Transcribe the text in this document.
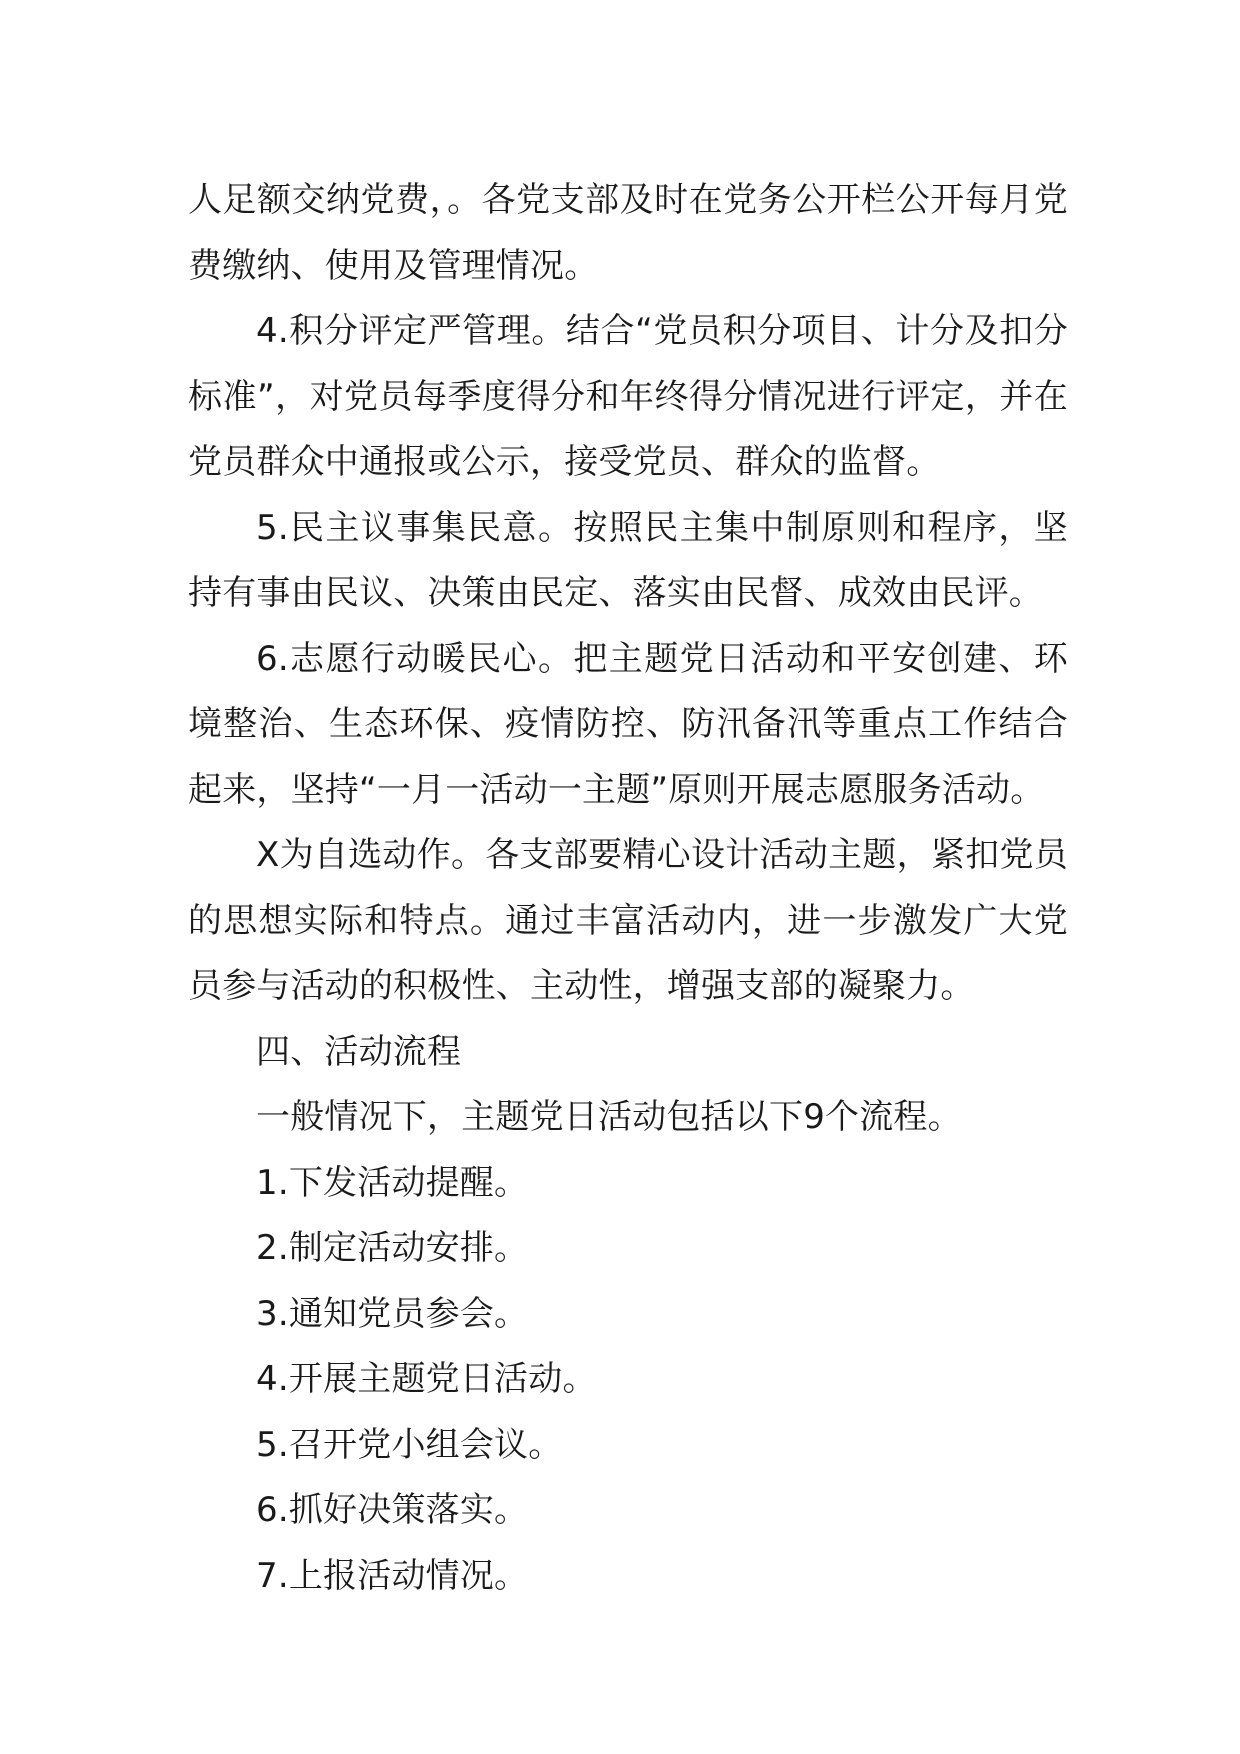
人足额交纳党费，。各党支部及时在党务公开栏公开每月党费缴纳、使用及管理情况。

4.积分评定严管理。结合“党员积分项目、计分及扣分标准”，对党员每季度得分和年终得分情况进行评定，并在党员群众中通报或公示，接受党员、群众的监督。

5.民主议事集民意。按照民主集中制原则和程序，坚持有事由民议、决策由民定、落实由民督、成效由民评。

6.志愿行动暖民心。把主题党日活动和平安创建、环境整治、生态环保、疫情防控、防汛备汛等重点工作结合起来，坚持“一月一活动一主题”原则开展志愿服务活动。

X为自选动作。各支部要精心设计活动主题，紧扣党员的思想实际和特点。通过丰富活动内，进一步激发广大党员参与活动的积极性、主动性，增强支部的凝聚力。

四、活动流程

一般情况下，主题党日活动包括以下9个流程。

1.下发活动提醒。

2.制定活动安排。

3.通知党员参会。

4.开展主题党日活动。

5.召开党小组会议。

6.抓好决策落实。

7.上报活动情况。
